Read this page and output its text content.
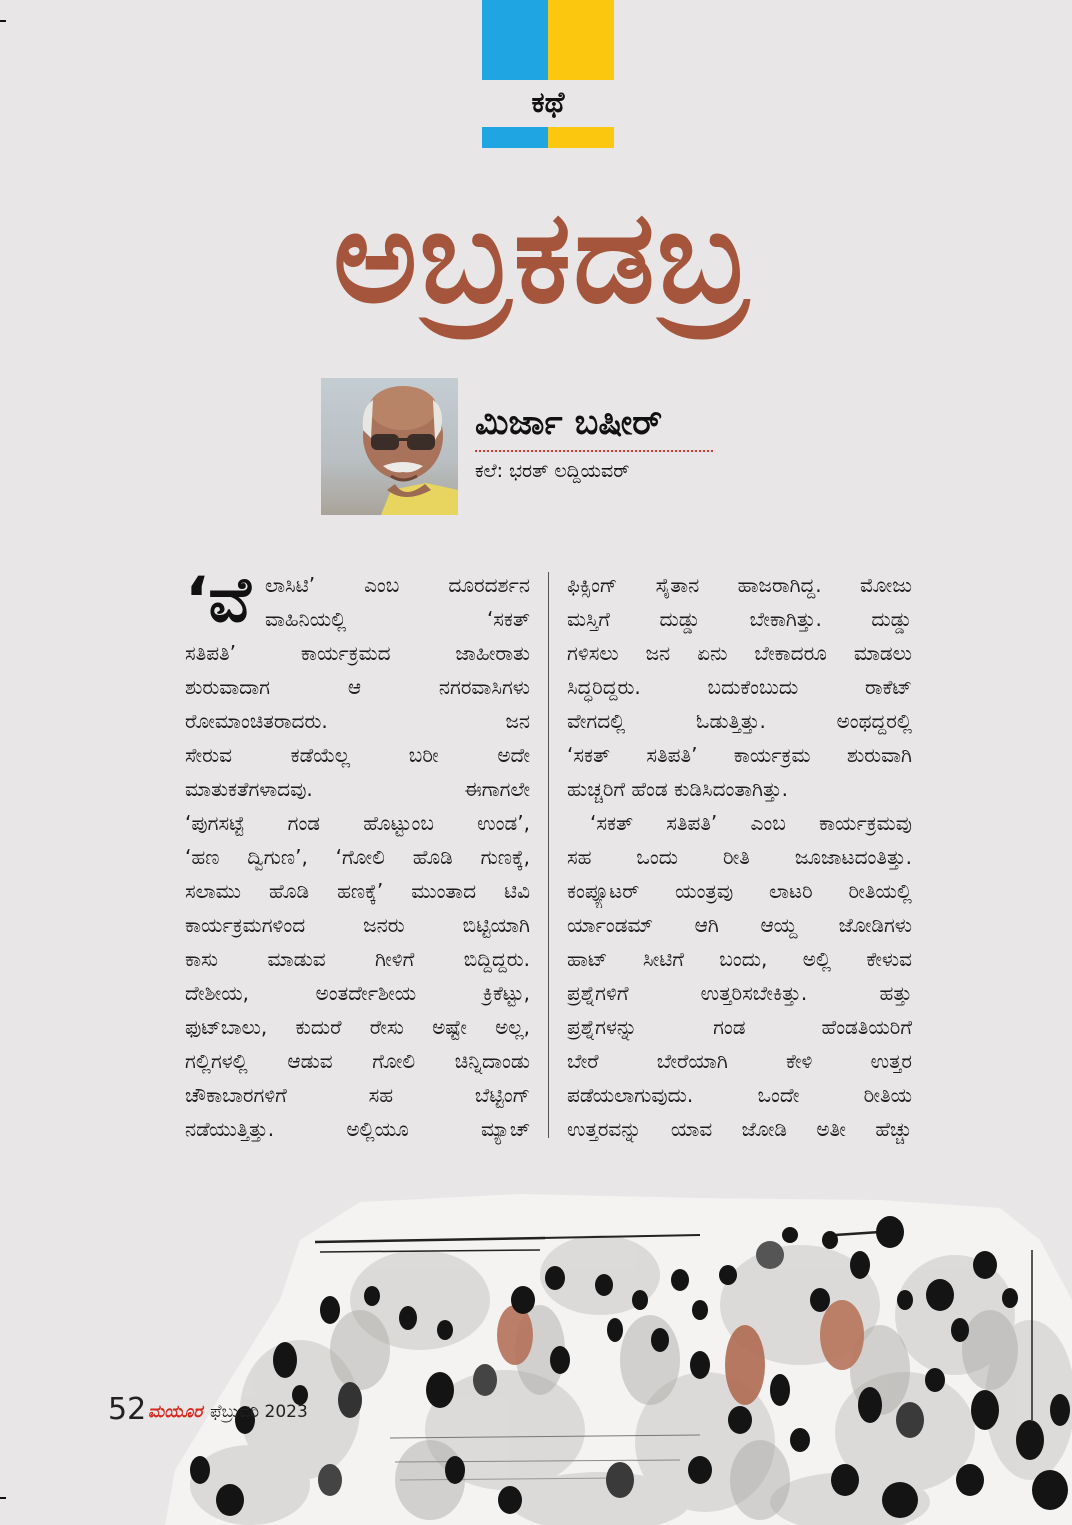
ಕಥೆ
ಅಬ್ರಕಡಬ್ರ
ಮಿರ್ಜಾ ಬಷೀರ್
ಕಲೆ: ಭರತ್ ಲದ್ದಿಯವರ್
‘ವೆ ಲಾಸಿಟಿ’ ಎಂಬ ದೂರದರ್ಶನ
ವಾಹಿನಿಯಲ್ಲಿ ‘ಸಕತ್
ಸತಿಪತಿ’ ಕಾರ್ಯಕ್ರಮದ ಜಾಹೀರಾತು
ಶುರುವಾದಾಗ ಆ ನಗರವಾಸಿಗಳು
ರೋಮಾಂಚಿತರಾದರು. ಜನ
ಸೇರುವ ಕಡೆಯೆಲ್ಲ ಬರೀ ಅದೇ
ಮಾತುಕತೆಗಳಾದವು. ಈಗಾಗಲೇ
‘ಪುಗಸಟ್ಟೆ ಗಂಡ ಹೊಟ್ಟುಂಬ ಉಂಡ’,
‘ಹಣ ದ್ವಿಗುಣ’, ‘ಗೋಲಿ ಹೊಡಿ ಗುಣಕ್ಕೆ,
ಸಲಾಮು ಹೊಡಿ ಹಣಕ್ಕೆ’ ಮುಂತಾದ ಟಿವಿ
ಕಾರ್ಯಕ್ರಮಗಳಿಂದ ಜನರು ಬಿಟ್ಟಿಯಾಗಿ
ಕಾಸು ಮಾಡುವ ಗೀಳಿಗೆ ಬಿದ್ದಿದ್ದರು.
ದೇಶೀಯ, ಅಂತರ್ದೇಶೀಯ ಕ್ರಿಕೆಟ್ಟು,
ಫುಟ್‌ಬಾಲು, ಕುದುರೆ ರೇಸು ಅಷ್ಟೇ ಅಲ್ಲ,
ಗಲ್ಲಿಗಳಲ್ಲಿ ಆಡುವ ಗೋಲಿ ಚಿನ್ನಿದಾಂಡು
ಚೌಕಾಬಾರಗಳಿಗೆ ಸಹ ಬೆಟ್ಟಿಂಗ್
ನಡೆಯುತ್ತಿತ್ತು. ಅಲ್ಲಿಯೂ ಮ್ಯಾಚ್
ಫಿಕ್ಸಿಂಗ್ ಸೈತಾನ ಹಾಜರಾಗಿದ್ದ. ಮೋಜು
ಮಸ್ತಿಗೆ ದುಡ್ಡು ಬೇಕಾಗಿತ್ತು. ದುಡ್ಡು
ಗಳಿಸಲು ಜನ ಏನು ಬೇಕಾದರೂ ಮಾಡಲು
ಸಿದ್ಧರಿದ್ದರು. ಬದುಕೆಂಬುದು ರಾಕೆಟ್
ವೇಗದಲ್ಲಿ ಓಡುತ್ತಿತ್ತು. ಅಂಥದ್ದರಲ್ಲಿ
‘ಸಕತ್ ಸತಿಪತಿ’ ಕಾರ್ಯಕ್ರಮ ಶುರುವಾಗಿ
ಹುಚ್ಚರಿಗೆ ಹೆಂಡ ಕುಡಿಸಿದಂತಾಗಿತ್ತು.
‘ಸಕತ್ ಸತಿಪತಿ’ ಎಂಬ ಕಾರ್ಯಕ್ರಮವು
ಸಹ ಒಂದು ರೀತಿ ಜೂಜಾಟದಂತಿತ್ತು.
ಕಂಪ್ಯೂಟರ್ ಯಂತ್ರವು ಲಾಟರಿ ರೀತಿಯಲ್ಲಿ
ರ್ಯಾಂಡಮ್ ಆಗಿ ಆಯ್ದ ಜೋಡಿಗಳು
ಹಾಟ್ ಸೀಟಿಗೆ ಬಂದು, ಅಲ್ಲಿ ಕೇಳುವ
ಪ್ರಶ್ನೆಗಳಿಗೆ ಉತ್ತರಿಸಬೇಕಿತ್ತು. ಹತ್ತು
ಪ್ರಶ್ನೆಗಳನ್ನು ಗಂಡ ಹೆಂಡತಿಯರಿಗೆ
ಬೇರೆ ಬೇರೆಯಾಗಿ ಕೇಳಿ ಉತ್ತರ
ಪಡೆಯಲಾಗುವುದು. ಒಂದೇ ರೀತಿಯ
ಉತ್ತರವನ್ನು ಯಾವ ಜೋಡಿ ಅತೀ ಹೆಚ್ಚು
52 ಮಯೂರ ಫೆಬ್ರುವರಿ 2023
